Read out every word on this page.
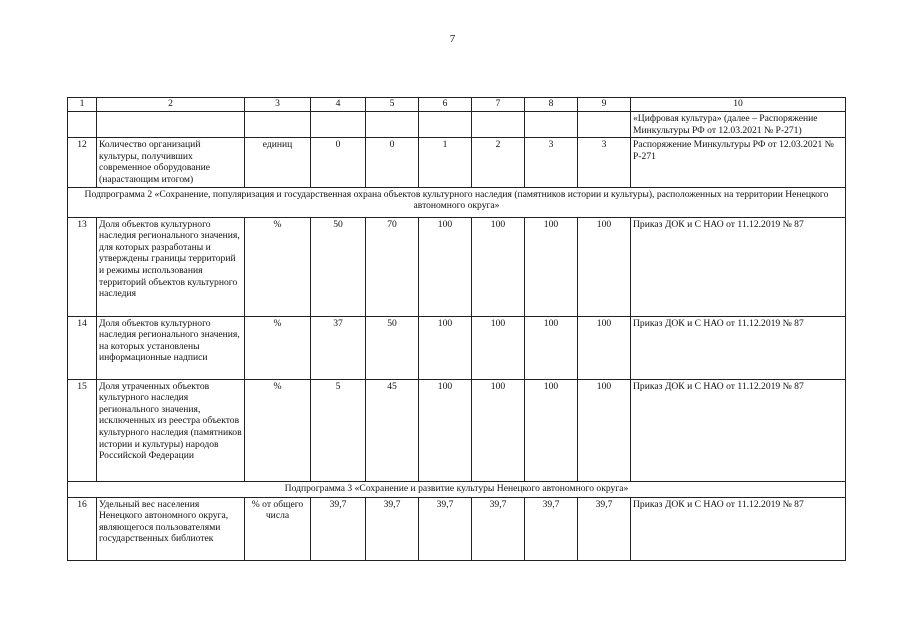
7
1	2	3	4	5	6	7	8	9	10
									«Цифровая культура» (далее – Распоряжение Минкультуры РФ от 12.03.2021 № Р-271)
12	Количество организаций культуры, получивших современное оборудование (нарастающим итогом)	единиц	0	0	1	2	3	3	Распоряжение Минкультуры РФ от 12.03.2021 № Р-271
Подпрограмма 2 «Сохранение, популяризация и государственная охрана объектов культурного наследия (памятников истории и культуры), расположенных на территории Ненецкого автономного округа»									
13	Доля объектов культурного наследия регионального значения, для которых разработаны и утверждены границы территорий и режимы использования территорий объектов культурного наследия	%	50	70	100	100	100	100	Приказ ДОК и С НАО от 11.12.2019 № 87
14	Доля объектов культурного наследия регионального значения, на которых установлены информационные надписи	%	37	50	100	100	100	100	Приказ ДОК и С НАО от 11.12.2019 № 87
15	Доля утраченных объектов культурного наследия регионального значения, исключенных из реестра объектов культурного наследия (памятников истории и культуры) народов Российской Федерации	%	5	45	100	100	100	100	Приказ ДОК и С НАО от 11.12.2019 № 87
Подпрограмма 3 «Сохранение и развитие культуры Ненецкого автономного округа»									
16	Удельный вес населения Ненецкого автономного округа, являющегося пользователями государственных библиотек	% от общего числа	39,7	39,7	39,7	39,7	39,7	39,7	Приказ ДОК и С НАО от 11.12.2019 № 87
